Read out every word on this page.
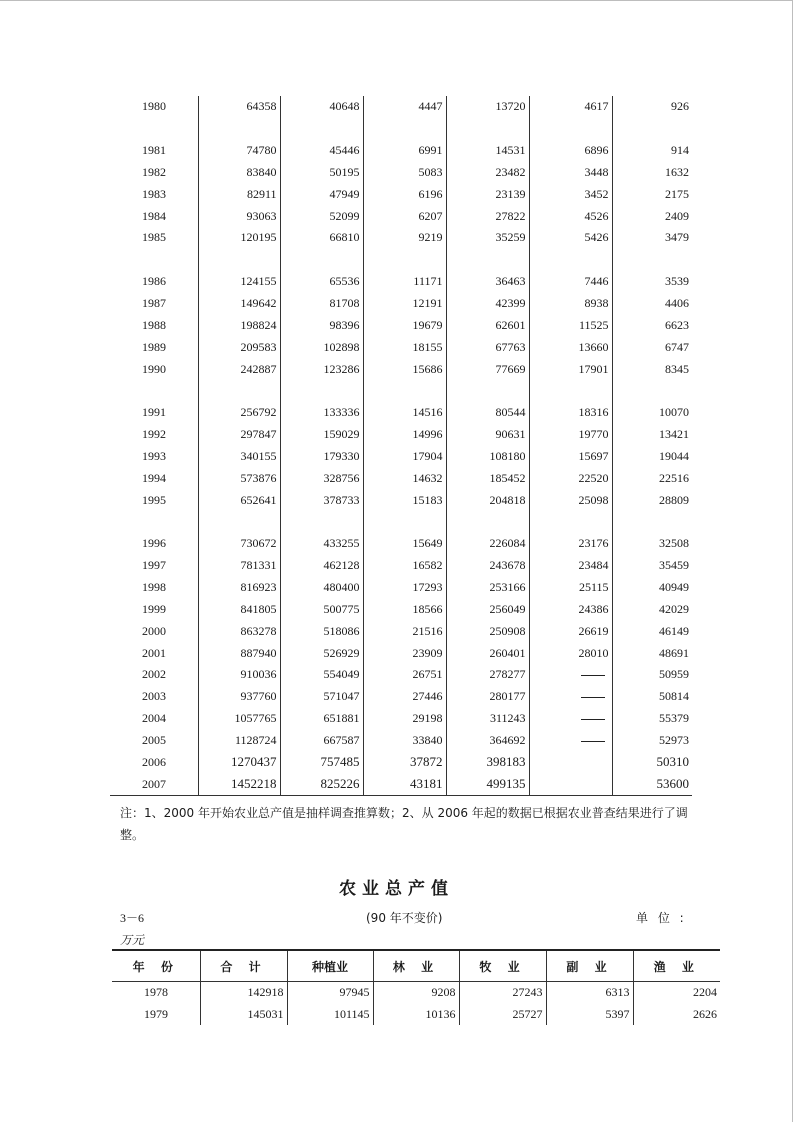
1980	64358	40648	4447	13720	4617	926

1981	74780	45446	6991	14531	6896	914
1982	83840	50195	5083	23482	3448	1632
1983	82911	47949	6196	23139	3452	2175
1984	93063	52099	6207	27822	4526	2409
1985	120195	66810	9219	35259	5426	3479

1986	124155	65536	11171	36463	7446	3539
1987	149642	81708	12191	42399	8938	4406
1988	198824	98396	19679	62601	11525	6623
1989	209583	102898	18155	67763	13660	6747
1990	242887	123286	15686	77669	17901	8345

1991	256792	133336	14516	80544	18316	10070
1992	297847	159029	14996	90631	19770	13421
1993	340155	179330	17904	108180	15697	19044
1994	573876	328756	14632	185452	22520	22516
1995	652641	378733	15183	204818	25098	28809

1996	730672	433255	15649	226084	23176	32508
1997	781331	462128	16582	243678	23484	35459
1998	816923	480400	17293	253166	25115	40949
1999	841805	500775	18566	256049	24386	42029
2000	863278	518086	21516	250908	26619	46149
2001	887940	526929	23909	260401	28010	48691
2002	910036	554049	26751	278277		50959
2003	937760	571047	27446	280177		50814
2004	1057765	651881	29198	311243		55379
2005	1128724	667587	33840	364692		52973
2006	1270437	757485	37872	398183		50310
2007	1452218	825226	43181	499135		53600
注：1、2000 年开始农业总产值是抽样调查推算数；2、从 2006 年起的数据已根据农业普查结果进行了调整。
农业总产值
3－6	(90 年不变价)	单 位 :
万元
年 份	合 计	种植业	林 业	牧 业	副 业	渔 业
1978	142918	97945	9208	27243	6313	2204
1979	145031	101145	10136	25727	5397	2626
